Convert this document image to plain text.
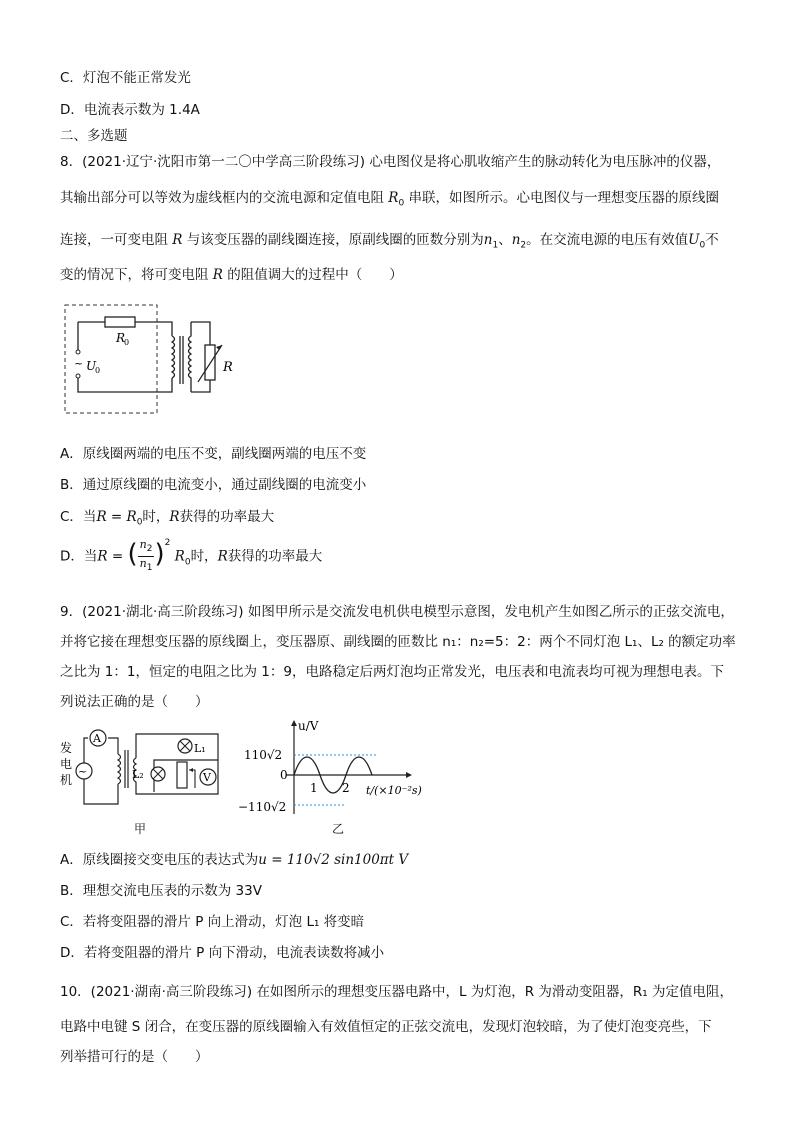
C．灯泡不能正常发光
D．电流表示数为 1.4A
二、多选题
8．(2021·辽宁·沈阳市第一二〇中学高三阶段练习) 心电图仪是将心肌收缩产生的脉动转化为电压脉冲的仪器，
其输出部分可以等效为虚线框内的交流电源和定值电阻 $R_0$ 串联，如图所示。心电图仪与一理想变压器的原线圈
连接，一可变电阻 R 与该变压器的副线圈连接，原副线圈的匝数分别为$n_1$、$n_2$。在交流电源的电压有效值$U_0$不
变的情况下，将可变电阻 R 的阻值调大的过程中（　　）
R
0
~ U
0	R
A．原线圈两端的电压不变，副线圈两端的电压不变
B．通过原线圈的电流变小，通过副线圈的电流变小
C．当$R = R_0$时，R获得的功率最大
D．当R = ( $n_2$
$n_1)^2$ $R_0$时，R获得的功率最大
9．(2021·湖北·高三阶段练习) 如图甲所示是交流发电机供电模型示意图，发电机产生如图乙所示的正弦交流电，
并将它接在理想变压器的原线圈上，变压器原、副线圈的匝数比 n₁：n₂=5：2：两个不同灯泡 L₁、L₂ 的额定功率
之比为 1：1，恒定的电阻之比为 1：9，电路稳定后两灯泡均正常发光，电压表和电流表均可视为理想电表。下
列说法正确的是（　　）
发
电
机
~
A
L₁
L₂	V
甲
u/V
110√2
0
−110√2
1 2 t/(×10⁻²s)
乙
A．原线圈接交变电压的表达式为u = 110√2 sin100πt V
B．理想交流电压表的示数为 33V
C．若将变阻器的滑片 P 向上滑动，灯泡 L₁ 将变暗
D．若将变阻器的滑片 P 向下滑动，电流表读数将减小
10．(2021·湖南·高三阶段练习) 在如图所示的理想变压器电路中，L 为灯泡，R 为滑动变阻器，R₁ 为定值电阻，
电路中电键 S 闭合，在变压器的原线圈输入有效值恒定的正弦交流电，发现灯泡较暗，为了使灯泡变亮些，下
列举措可行的是（　　）
